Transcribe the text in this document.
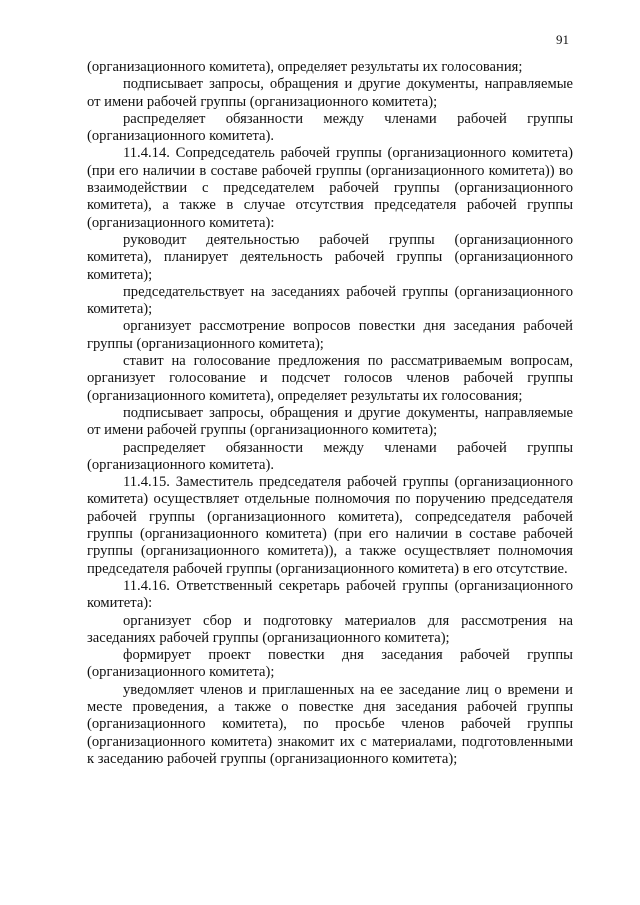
91

(организационного комитета), определяет результаты их голосования;

подписывает запросы, обращения и другие документы, направляемые от имени рабочей группы (организационного комитета);

распределяет обязанности между членами рабочей группы (организационного комитета).

11.4.14. Сопредседатель рабочей группы (организационного комитета) (при его наличии в составе рабочей группы (организационного комитета)) во взаимодействии с председателем рабочей группы (организационного комитета), а также в случае отсутствия председателя рабочей группы (организационного комитета):

руководит деятельностью рабочей группы (организационного комитета), планирует деятельность рабочей группы (организационного комитета);

председательствует на заседаниях рабочей группы (организационного комитета);

организует рассмотрение вопросов повестки дня заседания рабочей группы (организационного комитета);

ставит на голосование предложения по рассматриваемым вопросам, организует голосование и подсчет голосов членов рабочей группы (организационного комитета), определяет результаты их голосования;

подписывает запросы, обращения и другие документы, направляемые от имени рабочей группы (организационного комитета);

распределяет обязанности между членами рабочей группы (организационного комитета).

11.4.15. Заместитель председателя рабочей группы (организационного комитета) осуществляет отдельные полномочия по поручению председателя рабочей группы (организационного комитета), сопредседателя рабочей группы (организационного комитета) (при его наличии в составе рабочей группы (организационного комитета)), а также осуществляет полномочия председателя рабочей группы (организационного комитета) в его отсутствие.

11.4.16. Ответственный секретарь рабочей группы (организационного комитета):

организует сбор и подготовку материалов для рассмотрения на заседаниях рабочей группы (организационного комитета);

формирует проект повестки дня заседания рабочей группы (организационного комитета);

уведомляет членов и приглашенных на ее заседание лиц о времени и месте проведения, а также о повестке дня заседания рабочей группы (организационного комитета), по просьбе членов рабочей группы (организационного комитета) знакомит их с материалами, подготовленными к заседанию рабочей группы (организационного комитета);
